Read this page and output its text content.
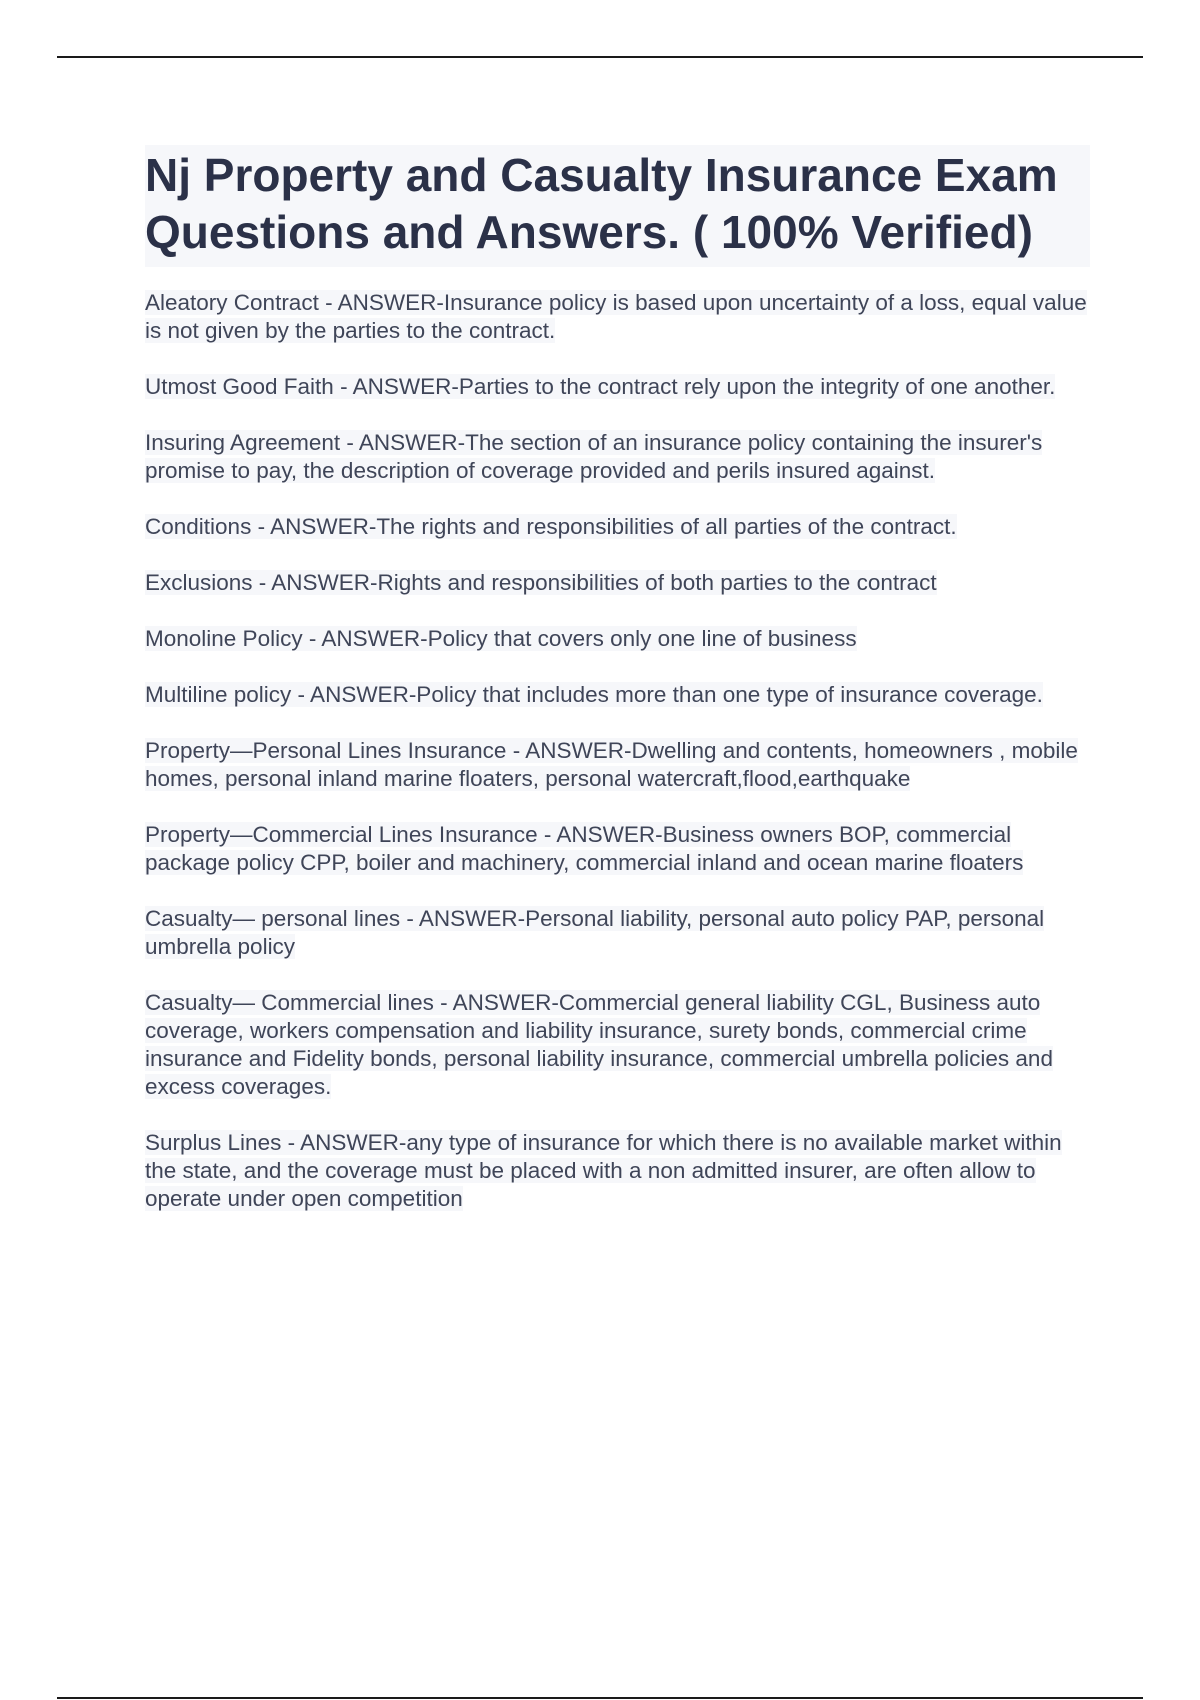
Nj Property and Casualty Insurance Exam Questions and Answers. ( 100% Verified)

Aleatory Contract - ANSWER-Insurance policy is based upon uncertainty of a loss, equal value is not given by the parties to the contract.

Utmost Good Faith - ANSWER-Parties to the contract rely upon the integrity of one another.

Insuring Agreement - ANSWER-The section of an insurance policy containing the insurer's promise to pay, the description of coverage provided and perils insured against.

Conditions - ANSWER-The rights and responsibilities of all parties of the contract.

Exclusions - ANSWER-Rights and responsibilities of both parties to the contract

Monoline Policy - ANSWER-Policy that covers only one line of business

Multiline policy - ANSWER-Policy that includes more than one type of insurance coverage.

Property—Personal Lines Insurance - ANSWER-Dwelling and contents, homeowners , mobile homes, personal inland marine floaters, personal watercraft,flood,earthquake

Property—Commercial Lines Insurance - ANSWER-Business owners BOP, commercial package policy CPP, boiler and machinery, commercial inland and ocean marine floaters

Casualty— personal lines - ANSWER-Personal liability, personal auto policy PAP, personal umbrella policy

Casualty— Commercial lines - ANSWER-Commercial general liability CGL, Business auto coverage, workers compensation and liability insurance, surety bonds, commercial crime insurance and Fidelity bonds, personal liability insurance, commercial umbrella policies and excess coverages.

Surplus Lines - ANSWER-any type of insurance for which there is no available market within the state, and the coverage must be placed with a non admitted insurer, are often allow to operate under open competition
